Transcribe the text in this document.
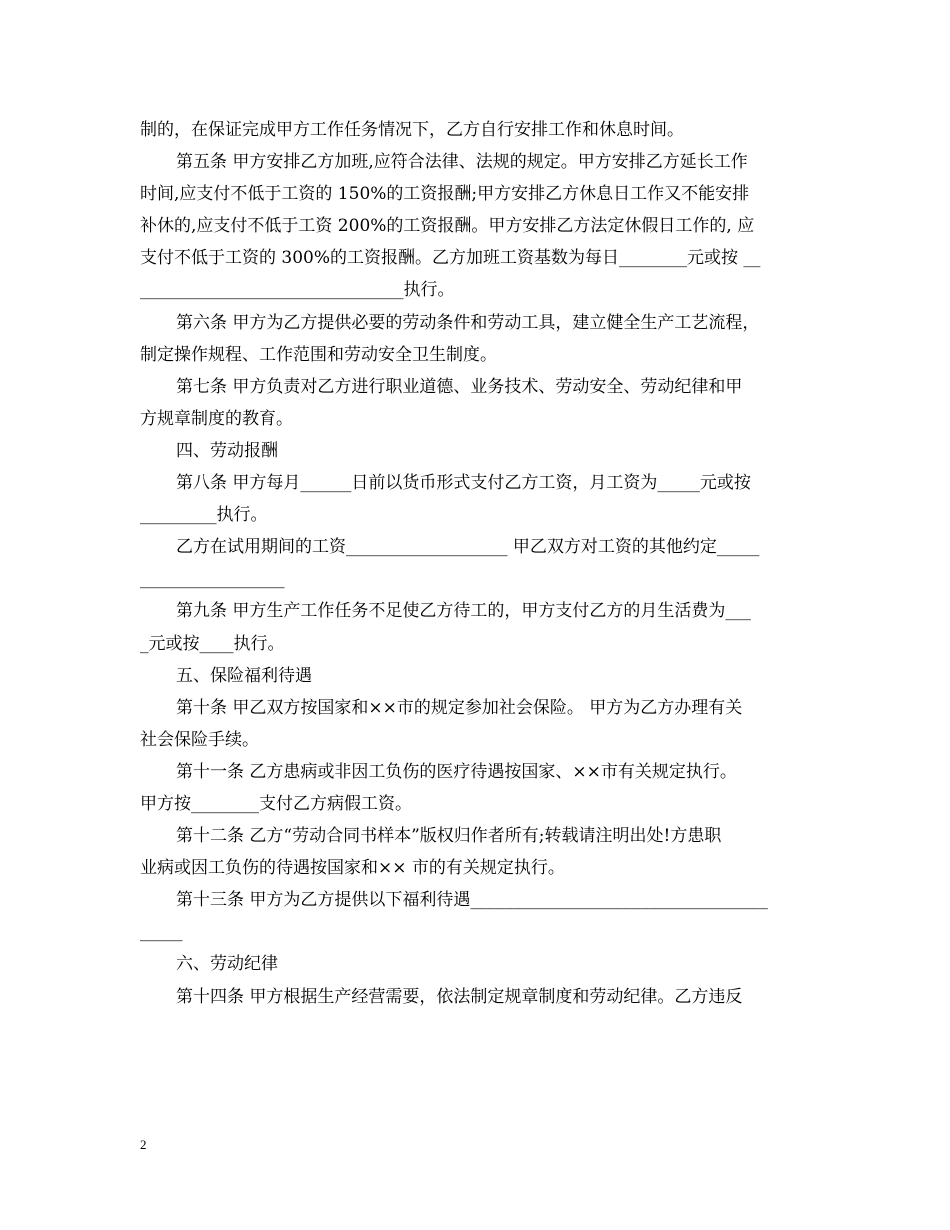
制的，在保证完成甲方工作任务情况下，乙方自行安排工作和休息时间。
第五条 甲方安排乙方加班,应符合法律、法规的规定。甲方安排乙方延长工作
时间,应支付不低于工资的 150%的工资报酬;甲方安排乙方休息日工作又不能安排
补休的,应支付不低于工资 200%的工资报酬。甲方安排乙方法定休假日工作的, 应
支付不低于工资的 300%的工资报酬。乙方加班工资基数为每日________元或按 __
_______________________________执行。
第六条 甲方为乙方提供必要的劳动条件和劳动工具，建立健全生产工艺流程，
制定操作规程、工作范围和劳动安全卫生制度。
第七条 甲方负责对乙方进行职业道德、业务技术、劳动安全、劳动纪律和甲
方规章制度的教育。
四、劳动报酬
第八条 甲方每月______日前以货币形式支付乙方工资，月工资为_____元或按
_________执行。
乙方在试用期间的工资___________________ 甲乙双方对工资的其他约定_____
_________________
第九条 甲方生产工作任务不足使乙方待工的，甲方支付乙方的月生活费为___
_元或按____执行。
五、保险福利待遇
第十条 甲乙双方按国家和××市的规定参加社会保险。 甲方为乙方办理有关
社会保险手续。
第十一条 乙方患病或非因工负伤的医疗待遇按国家、××市有关规定执行。
甲方按________支付乙方病假工资。
第十二条 乙方“劳动合同书样本”版权归作者所有;转载请注明出处!方患职
业病或因工负伤的待遇按国家和×× 市的有关规定执行。
第十三条 甲方为乙方提供以下福利待遇___________________________________
_____
六、劳动纪律
第十四条 甲方根据生产经营需要，依法制定规章制度和劳动纪律。乙方违反
2
